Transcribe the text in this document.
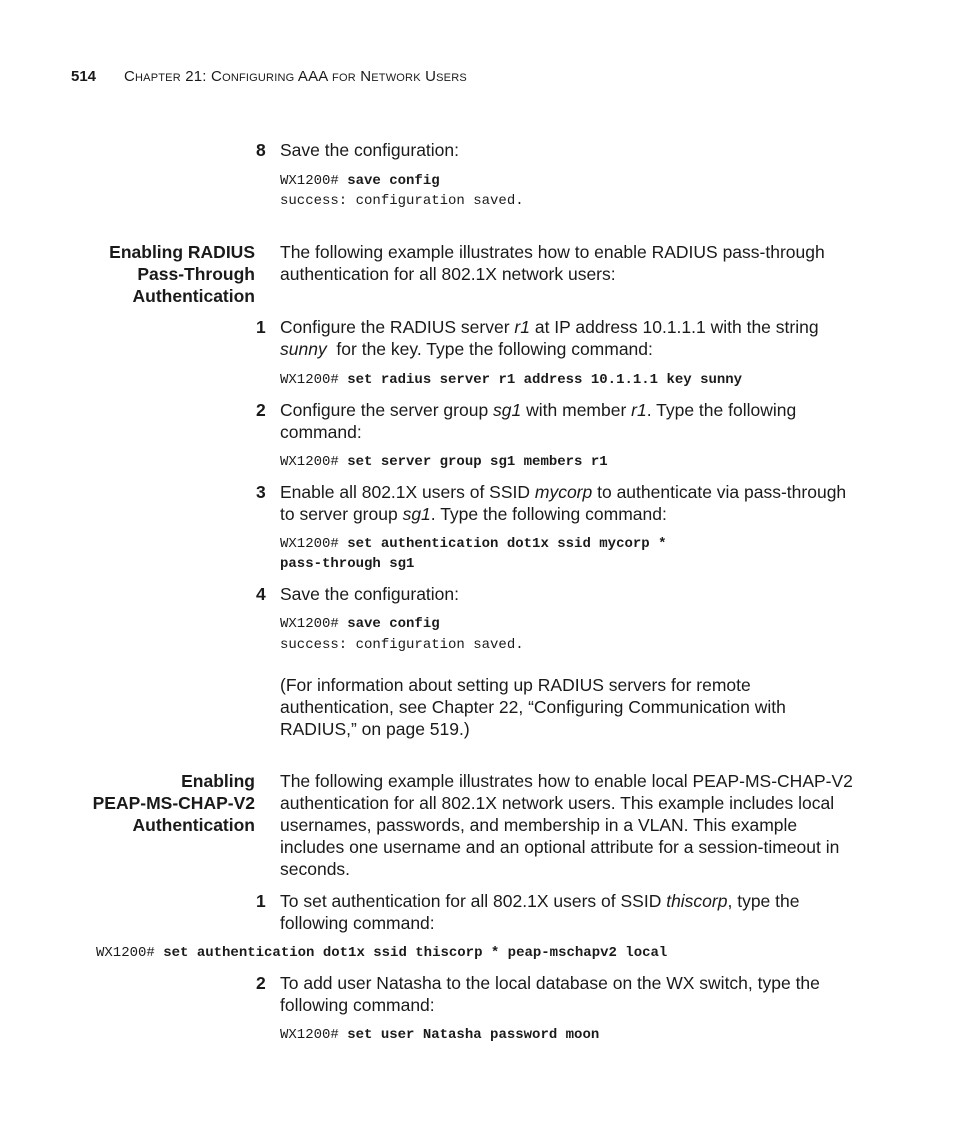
514 Chapter 21: Configuring AAA for Network Users
8 Save the configuration:
WX1200# save config
success: configuration saved.
Enabling RADIUS
Pass-Through
Authentication
The following example illustrates how to enable RADIUS pass-through
authentication for all 802.1X network users:
1 Configure the RADIUS server r1 at IP address 10.1.1.1 with the string
sunny  for the key. Type the following command:
WX1200# set radius server r1 address 10.1.1.1 key sunny
2 Configure the server group sg1 with member r1. Type the following
command:
WX1200# set server group sg1 members r1
3 Enable all 802.1X users of SSID mycorp to authenticate via pass-through
to server group sg1. Type the following command:
WX1200# set authentication dot1x ssid mycorp *
pass-through sg1
4 Save the configuration:
WX1200# save config
success: configuration saved.
(For information about setting up RADIUS servers for remote
authentication, see Chapter 22, “Configuring Communication with
RADIUS,” on page 519.)
Enabling
PEAP-MS-CHAP-V2
Authentication
The following example illustrates how to enable local PEAP-MS-CHAP-V2
authentication for all 802.1X network users. This example includes local
usernames, passwords, and membership in a VLAN. This example
includes one username and an optional attribute for a session-timeout in
seconds.
1 To set authentication for all 802.1X users of SSID thiscorp, type the
following command:
WX1200# set authentication dot1x ssid thiscorp * peap-mschapv2 local
2 To add user Natasha to the local database on the WX switch, type the
following command:
WX1200# set user Natasha password moon
